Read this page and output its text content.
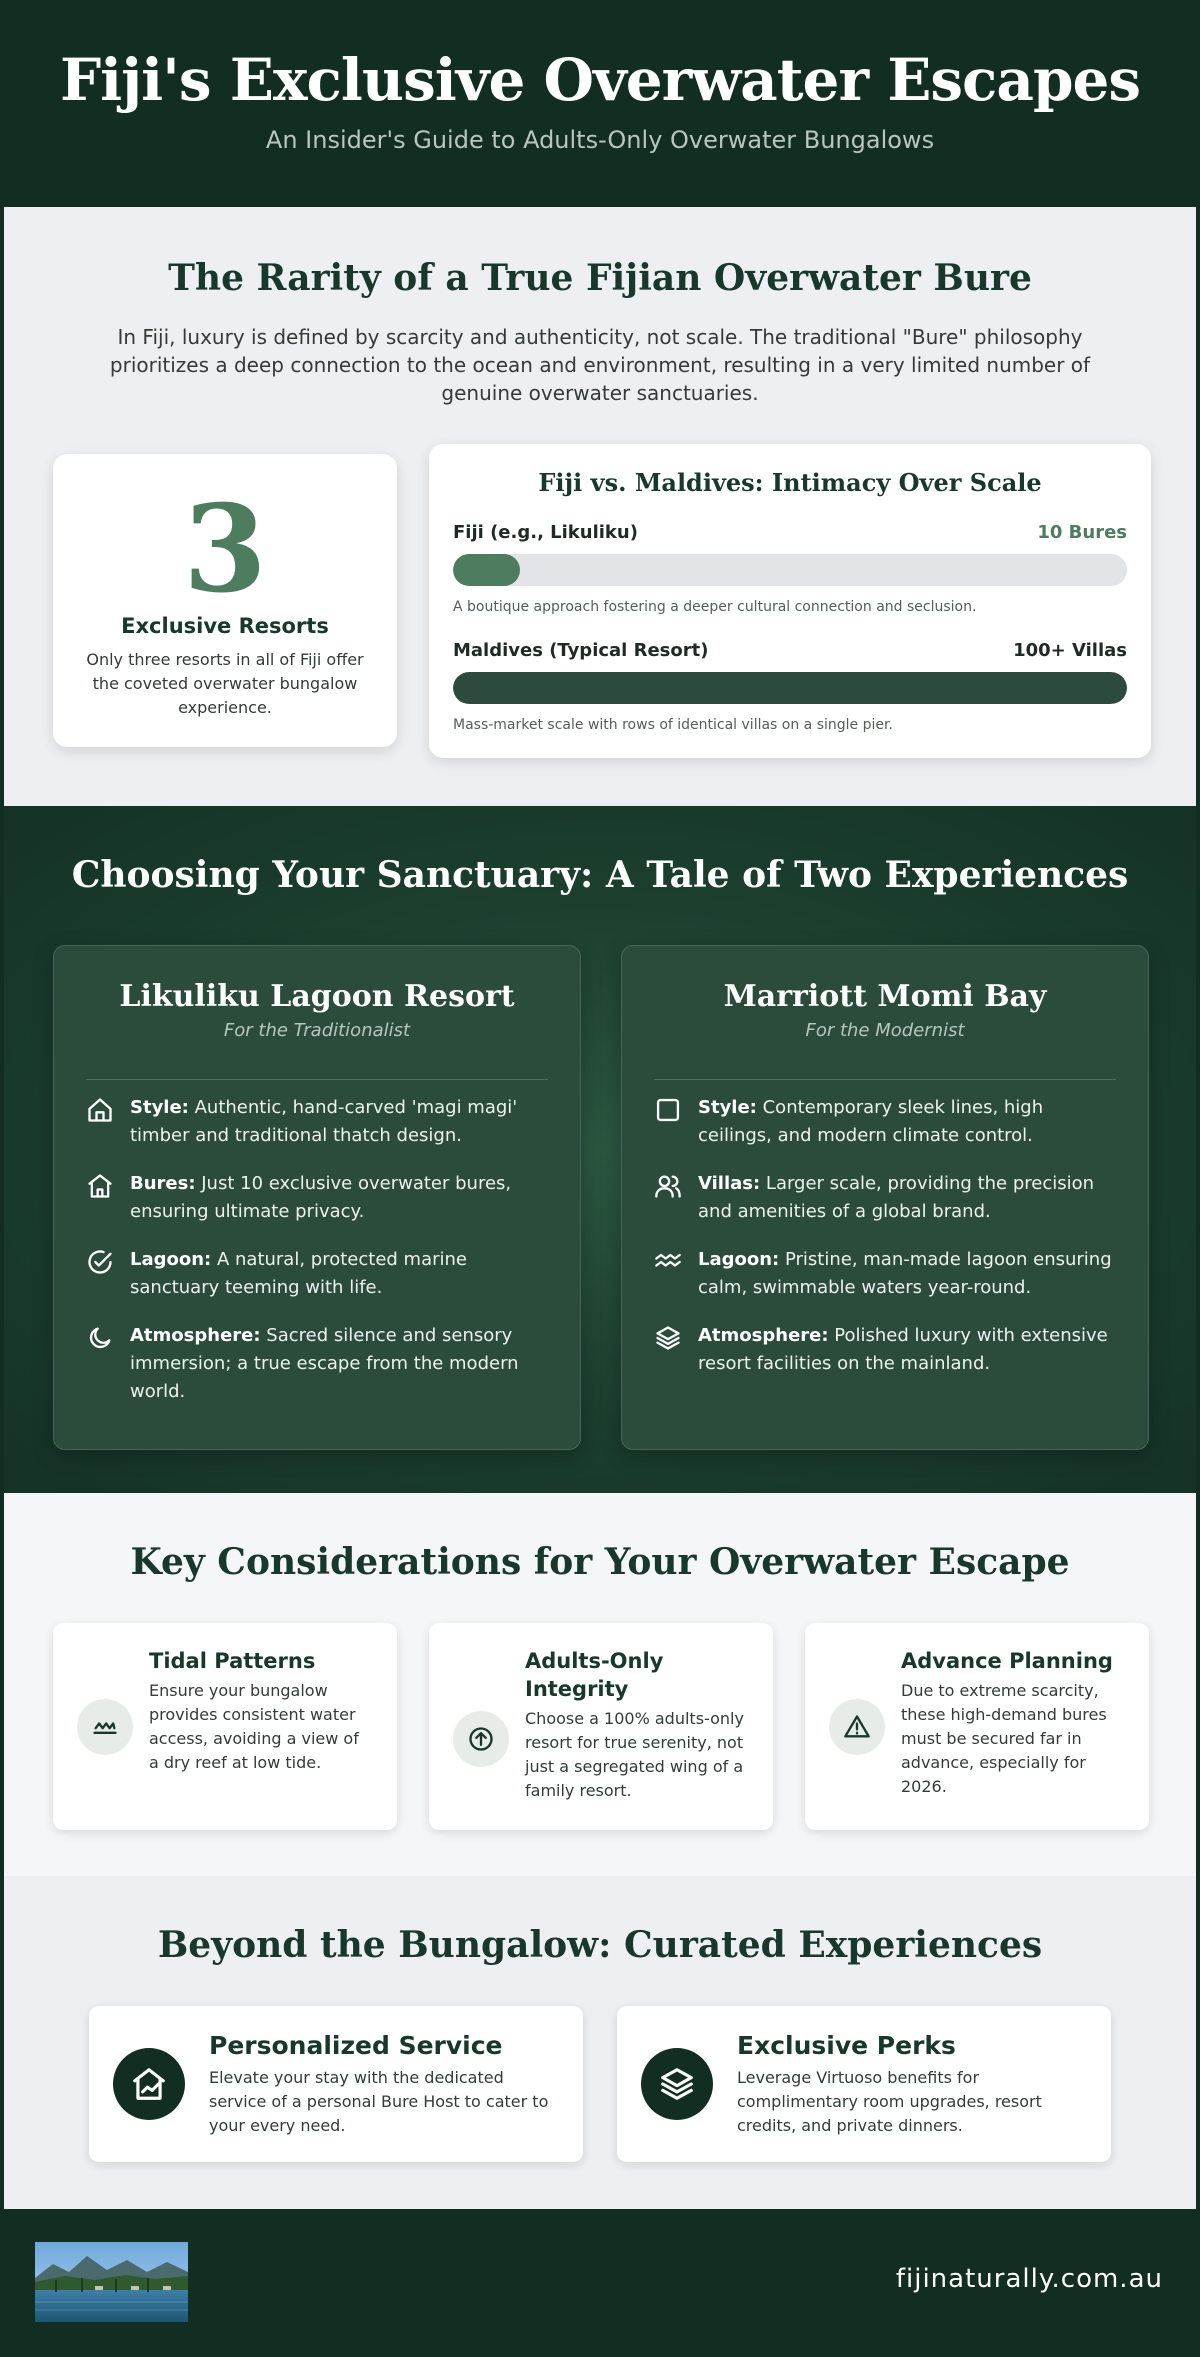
Fiji's Exclusive Overwater Escapes
An Insider's Guide to Adults-Only Overwater Bungalows
The Rarity of a True Fijian Overwater Bure

In Fiji, luxury is defined by scarcity and authenticity, not scale. The traditional "Bure" philosophy prioritizes a deep connection to the ocean and environment, resulting in a very limited number of genuine overwater sanctuaries.

3
Exclusive Resorts
Only three resorts in all of Fiji offer the coveted overwater bungalow experience.
Fiji vs. Maldives: Intimacy Over Scale
Fiji (e.g., Likuliku)	10 Bures
A boutique approach fostering a deeper cultural connection and seclusion.
Maldives (Typical Resort)	100+ Villas
Mass-market scale with rows of identical villas on a single pier.
Choosing Your Sanctuary: A Tale of Two Experiences
Likuliku Lagoon Resort
For the Traditionalist
Style: Authentic, hand-carved 'magi magi' timber and traditional thatch design.
Bures: Just 10 exclusive overwater bures, ensuring ultimate privacy.
Lagoon: A natural, protected marine sanctuary teeming with life.
Atmosphere: Sacred silence and sensory immersion; a true escape from the modern world.
Marriott Momi Bay
For the Modernist
Style: Contemporary sleek lines, high ceilings, and modern climate control.
Villas: Larger scale, providing the precision and amenities of a global brand.
Lagoon: Pristine, man-made lagoon ensuring calm, swimmable waters year-round.
Atmosphere: Polished luxury with extensive resort facilities on the mainland.
Key Considerations for Your Overwater Escape
Tidal Patterns

Ensure your bungalow provides consistent water access, avoiding a view of a dry reef at low tide.

Adults-Only Integrity

Choose a 100% adults-only resort for true serenity, not just a segregated wing of a family resort.

Advance Planning

Due to extreme scarcity, these high-demand bures must be secured far in advance, especially for 2026.

Beyond the Bungalow: Curated Experiences
Personalized Service

Elevate your stay with the dedicated service of a personal Bure Host to cater to your every need.

Exclusive Perks

Leverage Virtuoso benefits for complimentary room upgrades, resort credits, and private dinners.

fijinaturally.com.au
